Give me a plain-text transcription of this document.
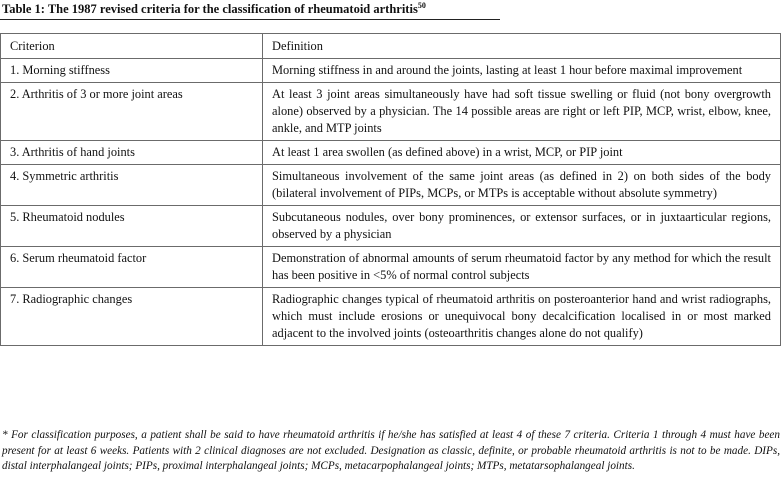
Table 1: The 1987 revised criteria for the classification of rheumatoid arthritis$^{50}$
Criterion	Definition
1. Morning stiffness	Morning stiffness in and around the joints, lasting at least 1 hour before maximal improvement
2. Arthritis of 3 or more joint areas	At least 3 joint areas simultaneously have had soft tissue swelling or fluid (not bony overgrowth alone) observed by a physician. The 14 possible areas are right or left PIP, MCP, wrist, elbow, knee, ankle, and MTP joints
3. Arthritis of hand joints	At least 1 area swollen (as defined above) in a wrist, MCP, or PIP joint
4. Symmetric arthritis	Simultaneous involvement of the same joint areas (as defined in 2) on both sides of the body (bilateral involvement of PIPs, MCPs, or MTPs is acceptable without absolute symmetry)
5. Rheumatoid nodules	Subcutaneous nodules, over bony prominences, or extensor surfaces, or in juxtaarticular regions, observed by a physician
6. Serum rheumatoid factor	Demonstration of abnormal amounts of serum rheumatoid factor by any method for which the result has been positive in <5% of normal control subjects
7. Radiographic changes	Radiographic changes typical of rheumatoid arthritis on posteroanterior hand and wrist radiographs, which must include erosions or unequivocal bony decalcification localised in or most marked adjacent to the involved joints (osteoarthritis changes alone do not qualify)
* For classification purposes, a patient shall be said to have rheumatoid arthritis if he/she has satisfied at least 4 of these 7 criteria. Criteria 1 through 4 must have been present for at least 6 weeks. Patients with 2 clinical diagnoses are not excluded. Designation as classic, definite, or probable rheumatoid arthritis is not to be made. DIPs, distal interphalangeal joints; PIPs, proximal interphalangeal joints; MCPs, metacarpophalangeal joints; MTPs, metatarsophalangeal joints.
